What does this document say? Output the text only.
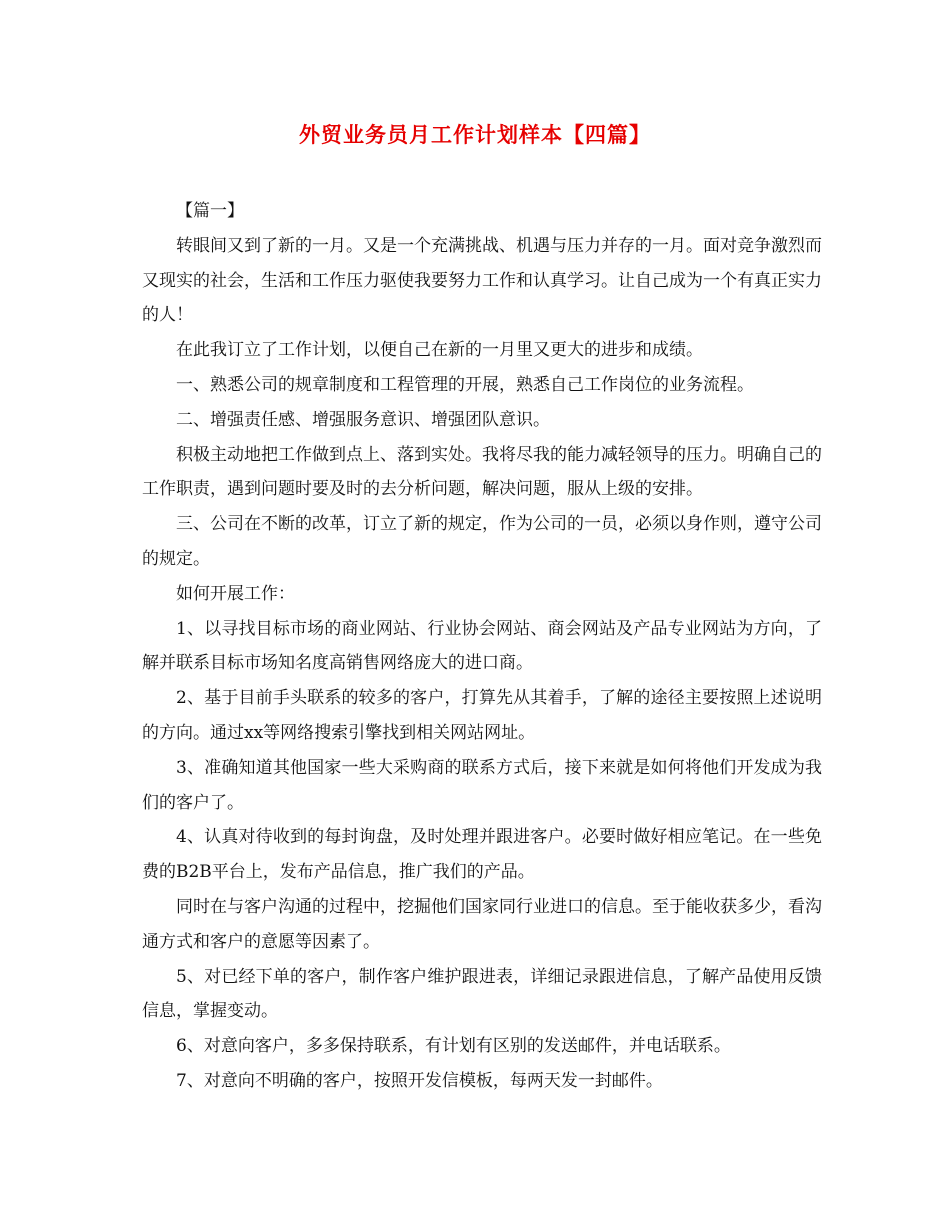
外贸业务员月工作计划样本【四篇】

【篇一】

转眼间又到了新的一月。又是一个充满挑战、机遇与压力并存的一月。面对竞争激烈而又现实的社会，生活和工作压力驱使我要努力工作和认真学习。让自己成为一个有真正实力的人！

在此我订立了工作计划，以便自己在新的一月里又更大的进步和成绩。

一、熟悉公司的规章制度和工程管理的开展，熟悉自己工作岗位的业务流程。

二、增强责任感、增强服务意识、增强团队意识。

积极主动地把工作做到点上、落到实处。我将尽我的能力减轻领导的压力。明确自己的工作职责，遇到问题时要及时的去分析问题，解决问题，服从上级的安排。

三、公司在不断的改革，订立了新的规定，作为公司的一员，必须以身作则，遵守公司的规定。

如何开展工作：

1、以寻找目标市场的商业网站、行业协会网站、商会网站及产品专业网站为方向，了解并联系目标市场知名度高销售网络庞大的进口商。

2、基于目前手头联系的较多的客户，打算先从其着手，了解的途径主要按照上述说明的方向。通过xx等网络搜索引擎找到相关网站网址。

3、准确知道其他国家一些大采购商的联系方式后，接下来就是如何将他们开发成为我们的客户了。

4、认真对待收到的每封询盘，及时处理并跟进客户。必要时做好相应笔记。在一些免费的B2B平台上，发布产品信息，推广我们的产品。

同时在与客户沟通的过程中，挖掘他们国家同行业进口的信息。至于能收获多少，看沟通方式和客户的意愿等因素了。

5、对已经下单的客户，制作客户维护跟进表，详细记录跟进信息，了解产品使用反馈信息，掌握变动。

6、对意向客户，多多保持联系，有计划有区别的发送邮件，并电话联系。

7、对意向不明确的客户，按照开发信模板，每两天发一封邮件。
